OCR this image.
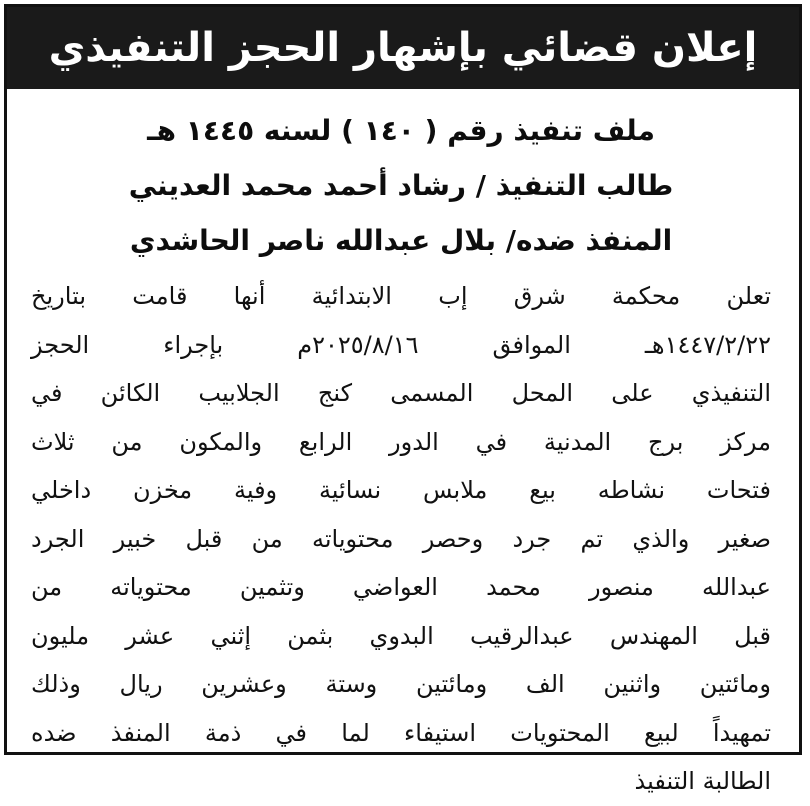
إعلان قضائي بإشهار الحجز التنفيذي
ملف تنفيذ رقم ( ١٤٠ ) لسنه ١٤٤٥ هـ
طالب التنفيذ / رشاد أحمد محمد العديني
المنفذ ضده/ بلال عبدالله ناصر الحاشدي
تعلن محكمة شرق إب الابتدائية أنها قامت بتاريخ
١٤٤٧/٢/٢٢هـ الموافق ٢٠٢٥/٨/١٦م بإجراء الحجز
التنفيذي على المحل المسمى كنج الجلابيب الكائن في
مركز برج المدنية في الدور الرابع والمكون من ثلاث
فتحات نشاطه بيع ملابس نسائية وفية مخزن داخلي
صغير والذي تم جرد وحصر محتوياته من قبل خبير الجرد
عبدالله منصور محمد العواضي وتثمين محتوياته من
قبل المهندس عبدالرقيب البدوي بثمن إثني عشر مليون
ومائتين واثنين الف ومائتين وستة وعشرين ريال وذلك
تمهيداً لبيع المحتويات استيفاء لما في ذمة المنفذ ضده
الطالبة التنفيذ
